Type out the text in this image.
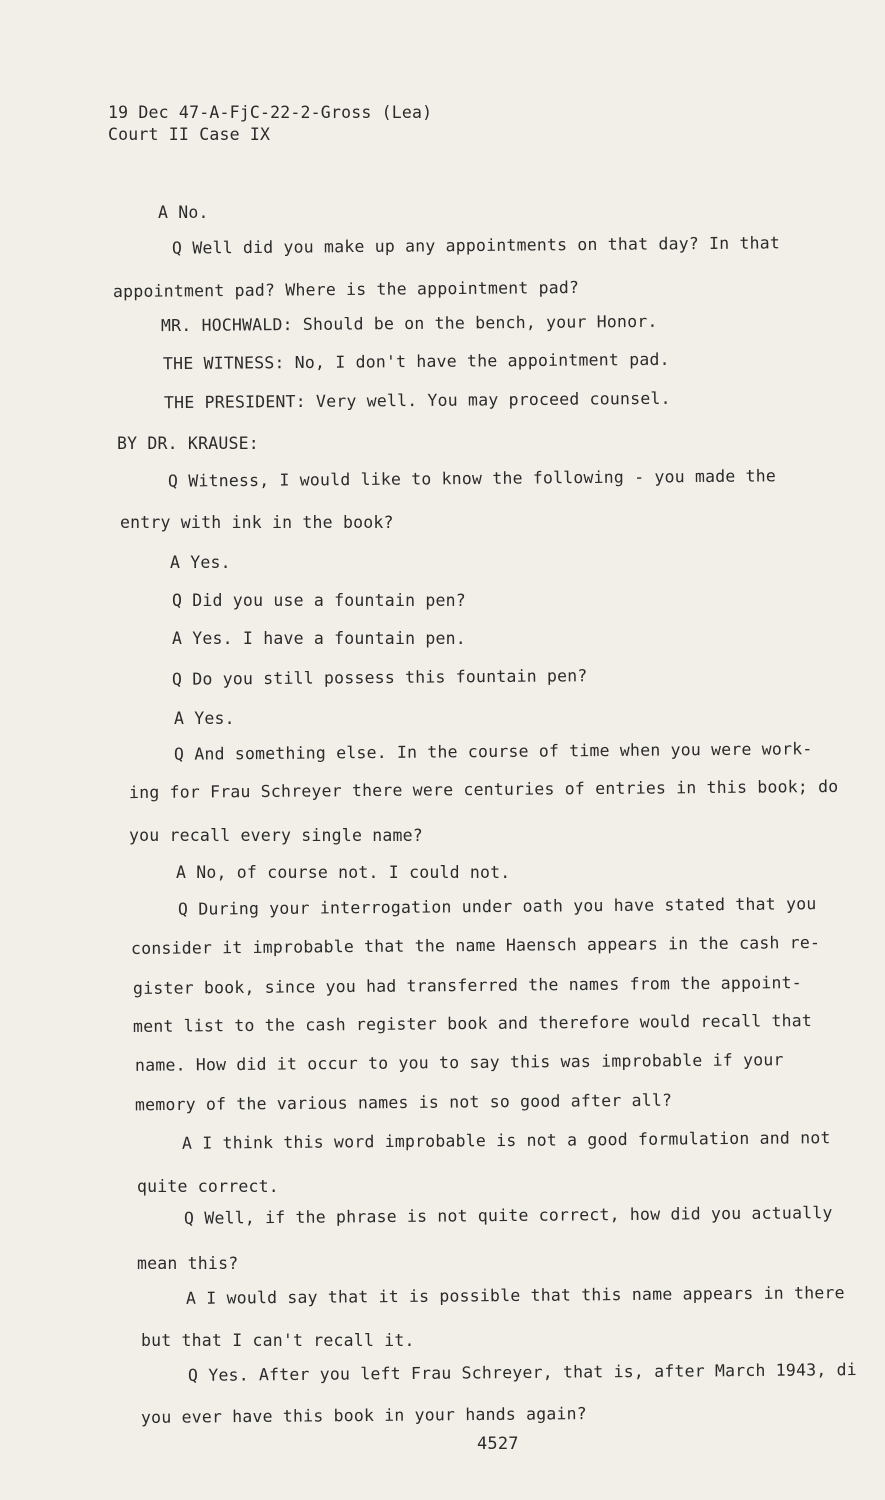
19 Dec 47-A-FjC-22-2-Gross (Lea)
Court II Case IX
A No.
Q Well did you make up any appointments on that day? In that
appointment pad? Where is the appointment pad?
MR. HOCHWALD: Should be on the bench, your Honor.
THE WITNESS: No, I don't have the appointment pad.
THE PRESIDENT: Very well. You may proceed counsel.
BY DR. KRAUSE:
Q Witness, I would like to know the following - you made the
entry with ink in the book?
A Yes.
Q Did you use a fountain pen?
A Yes. I have a fountain pen.
Q Do you still possess this fountain pen?
A Yes.
Q And something else. In the course of time when you were work-
ing for Frau Schreyer there were centuries of entries in this book; do
you recall every single name?
A No, of course not. I could not.
Q During your interrogation under oath you have stated that you
consider it improbable that the name Haensch appears in the cash re-
gister book, since you had transferred the names from the appoint-
ment list to the cash register book and therefore would recall that
name. How did it occur to you to say this was improbable if your
memory of the various names is not so good after all?
A I think this word improbable is not a good formulation and not
quite correct.
Q Well, if the phrase is not quite correct, how did you actually
mean this?
A I would say that it is possible that this name appears in there
but that I can't recall it.
Q Yes. After you left Frau Schreyer, that is, after March 1943, di
you ever have this book in your hands again?
4527
